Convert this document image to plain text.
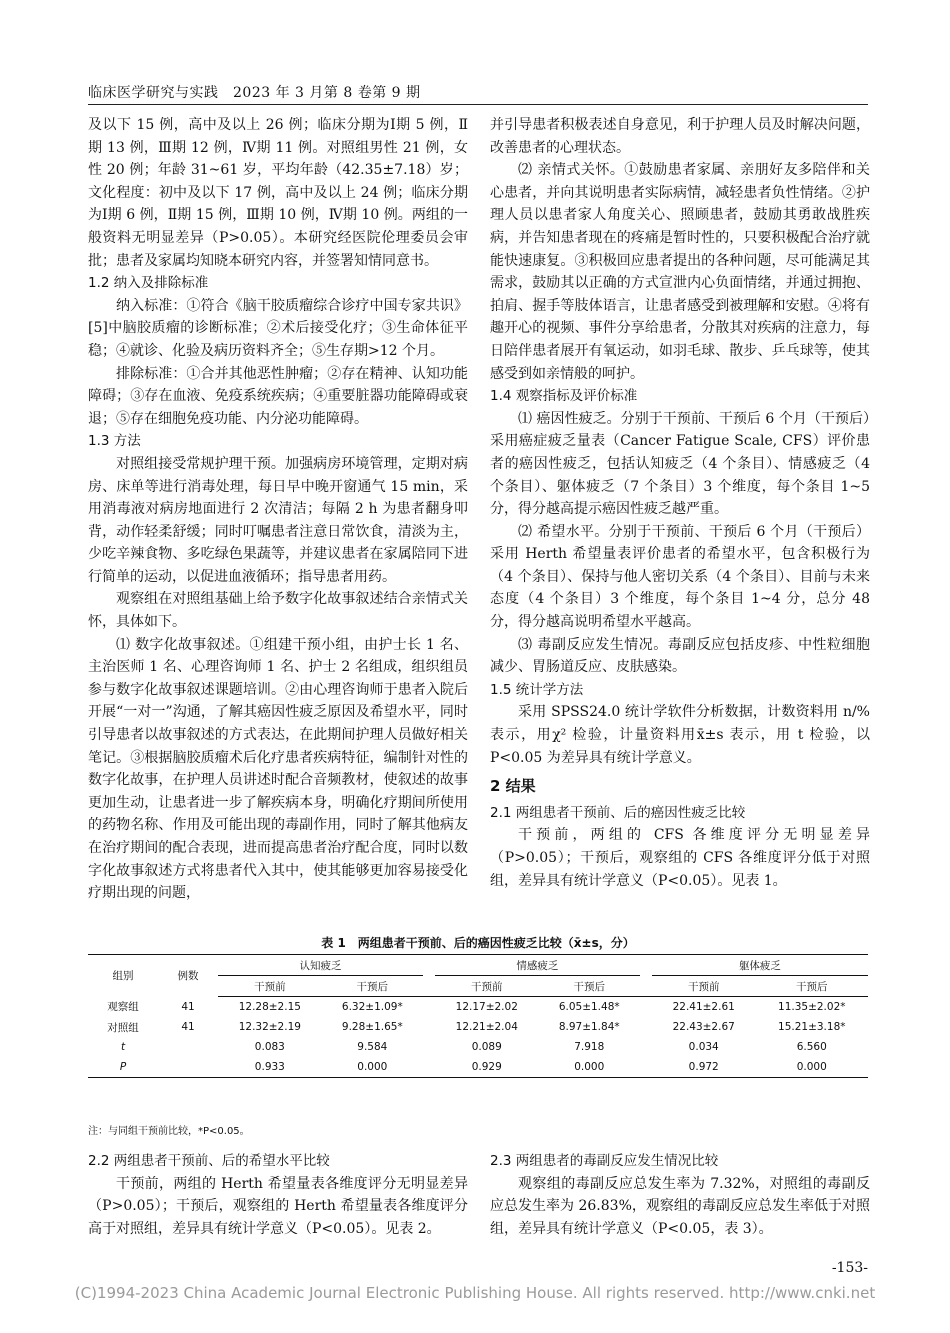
临床医学研究与实践　2023 年 3 月第 8 卷第 9 期

及以下 15 例，高中及以上 26 例；临床分期为Ⅰ期 5 例，Ⅱ期 13 例，Ⅲ期 12 例，Ⅳ期 11 例。对照组男性 21 例，女性 20 例；年龄 31~61 岁，平均年龄（42.35±7.18）岁；文化程度：初中及以下 17 例，高中及以上 24 例；临床分期为Ⅰ期 6 例，Ⅱ期 15 例，Ⅲ期 10 例，Ⅳ期 10 例。两组的一般资料无明显差异（P>0.05）。本研究经医院伦理委员会审批；患者及家属均知晓本研究内容，并签署知情同意书。

1.2 纳入及排除标准

纳入标准：①符合《脑干胶质瘤综合诊疗中国专家共识》[5]中脑胶质瘤的诊断标准；②术后接受化疗；③生命体征平稳；④就诊、化验及病历资料齐全；⑤生存期>12 个月。

排除标准：①合并其他恶性肿瘤；②存在精神、认知功能障碍；③存在血液、免疫系统疾病；④重要脏器功能障碍或衰退；⑤存在细胞免疫功能、内分泌功能障碍。

1.3 方法

对照组接受常规护理干预。加强病房环境管理，定期对病房、床单等进行消毒处理，每日早中晚开窗通气 15 min，采用消毒液对病房地面进行 2 次清洁；每隔 2 h 为患者翻身叩背，动作轻柔舒缓；同时叮嘱患者注意日常饮食，清淡为主，少吃辛辣食物、多吃绿色果蔬等，并建议患者在家属陪同下进行简单的运动，以促进血液循环；指导患者用药。

观察组在对照组基础上给予数字化故事叙述结合亲情式关怀，具体如下。

⑴ 数字化故事叙述。①组建干预小组，由护士长 1 名、主治医师 1 名、心理咨询师 1 名、护士 2 名组成，组织组员参与数字化故事叙述课题培训。②由心理咨询师于患者入院后开展“一对一”沟通，了解其癌因性疲乏原因及希望水平，同时引导患者以故事叙述的方式表达，在此期间护理人员做好相关笔记。③根据脑胶质瘤术后化疗患者疾病特征，编制针对性的数字化故事，在护理人员讲述时配合音频教材，使叙述的故事更加生动，让患者进一步了解疾病本身，明确化疗期间所使用的药物名称、作用及可能出现的毒副作用，同时了解其他病友在治疗期间的配合表现，进而提高患者治疗配合度，同时以数字化故事叙述方式将患者代入其中，使其能够更加容易接受化疗期出现的问题，

并引导患者积极表述自身意见，利于护理人员及时解决问题，改善患者的心理状态。

⑵ 亲情式关怀。①鼓励患者家属、亲朋好友多陪伴和关心患者，并向其说明患者实际病情，减轻患者负性情绪。②护理人员以患者家人角度关心、照顾患者，鼓励其勇敢战胜疾病，并告知患者现在的疼痛是暂时性的，只要积极配合治疗就能快速康复。③积极回应患者提出的各种问题，尽可能满足其需求，鼓励其以正确的方式宣泄内心负面情绪，并通过拥抱、拍肩、握手等肢体语言，让患者感受到被理解和安慰。④将有趣开心的视频、事件分享给患者，分散其对疾病的注意力，每日陪伴患者展开有氧运动，如羽毛球、散步、乒乓球等，使其感受到如亲情般的呵护。

1.4 观察指标及评价标准

⑴ 癌因性疲乏。分别于干预前、干预后 6 个月（干预后）采用癌症疲乏量表（Cancer Fatigue Scale, CFS）评价患者的癌因性疲乏，包括认知疲乏（4 个条目）、情感疲乏（4 个条目）、躯体疲乏（7 个条目）3 个维度，每个条目 1~5 分，得分越高提示癌因性疲乏越严重。

⑵ 希望水平。分别于干预前、干预后 6 个月（干预后）采用 Herth 希望量表评价患者的希望水平，包含积极行为（4 个条目）、保持与他人密切关系（4 个条目）、目前与未来态度（4 个条目）3 个维度，每个条目 1~4 分，总分 48 分，得分越高说明希望水平越高。

⑶ 毒副反应发生情况。毒副反应包括皮疹、中性粒细胞减少、胃肠道反应、皮肤感染。

1.5 统计学方法

采用 SPSS24.0 统计学软件分析数据，计数资料用 n/% 表示，用χ² 检验，计量资料用x̄±s 表示，用 t 检验，以 P<0.05 为差异具有统计学意义。

2 结果

2.1 两组患者干预前、后的癌因性疲乏比较

干预前，两组的 CFS 各维度评分无明显差异（P>0.05）；干预后，观察组的 CFS 各维度评分低于对照组，差异具有统计学意义（P<0.05）。见表 1。

表 1　两组患者干预前、后的癌因性疲乏比较（x̄±s，分）
组别	例数	认知疲乏			情感疲乏			躯体疲乏	
		干预前	干预后		干预前	干预后		干预前	干预后
观察组	41	12.28±2.15	6.32±1.09*		12.17±2.02	6.05±1.48*		22.41±2.61	11.35±2.02*
对照组	41	12.32±2.19	9.28±1.65*		12.21±2.04	8.97±1.84*		22.43±2.67	15.21±3.18*
t		0.083	9.584		0.089	7.918		0.034	6.560
P		0.933	0.000		0.929	0.000		0.972	0.000
注：与同组干预前比较，*P<0.05。

2.2 两组患者干预前、后的希望水平比较

干预前，两组的 Herth 希望量表各维度评分无明显差异（P>0.05）；干预后，观察组的 Herth 希望量表各维度评分高于对照组，差异具有统计学意义（P<0.05）。见表 2。

2.3 两组患者的毒副反应发生情况比较

观察组的毒副反应总发生率为 7.32%，对照组的毒副反应总发生率为 26.83%，观察组的毒副反应总发生率低于对照组，差异具有统计学意义（P<0.05，表 3）。

-153-
(C)1994-2023 China Academic Journal Electronic Publishing House. All rights reserved. http://www.cnki.net
